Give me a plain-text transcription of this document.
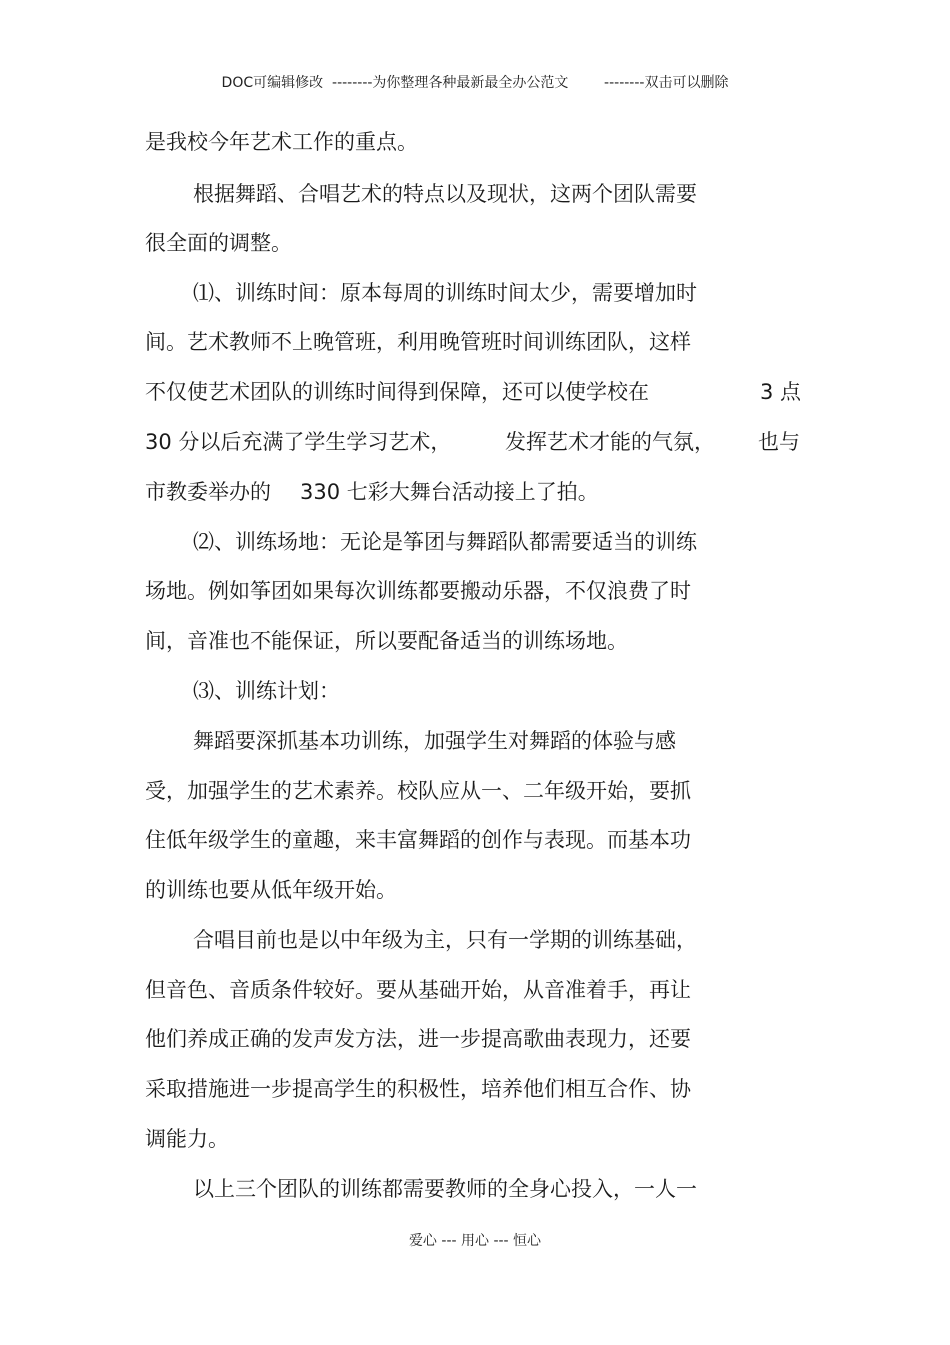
DOC可编辑修改  --------为你整理各种最新最全办公范文        --------双击可以删除
是我校今年艺术工作的重点。
根据舞蹈、合唱艺术的特点以及现状，这两个团队需要
很全面的调整。
⑴、训练时间：原本每周的训练时间太少，需要增加时
间。艺术教师不上晚管班，利用晚管班时间训练团队，这样
不仅使艺术团队的训练时间得到保障，还可以使学校在	3 点
30 分以后充满了学生学习艺术，	发挥艺术才能的气氛， 也与
市教委举办的 330 七彩大舞台活动接上了拍。
⑵、训练场地：无论是筝团与舞蹈队都需要适当的训练
场地。例如筝团如果每次训练都要搬动乐器，不仅浪费了时
间，音准也不能保证，所以要配备适当的训练场地。
⑶、训练计划：
舞蹈要深抓基本功训练，加强学生对舞蹈的体验与感
受，加强学生的艺术素养。校队应从一、二年级开始，要抓
住低年级学生的童趣，来丰富舞蹈的创作与表现。而基本功
的训练也要从低年级开始。
合唱目前也是以中年级为主，只有一学期的训练基础，
但音色、音质条件较好。要从基础开始，从音准着手，再让
他们养成正确的发声发方法，进一步提高歌曲表现力，还要
采取措施进一步提高学生的积极性，培养他们相互合作、协
调能力。
以上三个团队的训练都需要教师的全身心投入，一人一
爱心 --- 用心 --- 恒心
